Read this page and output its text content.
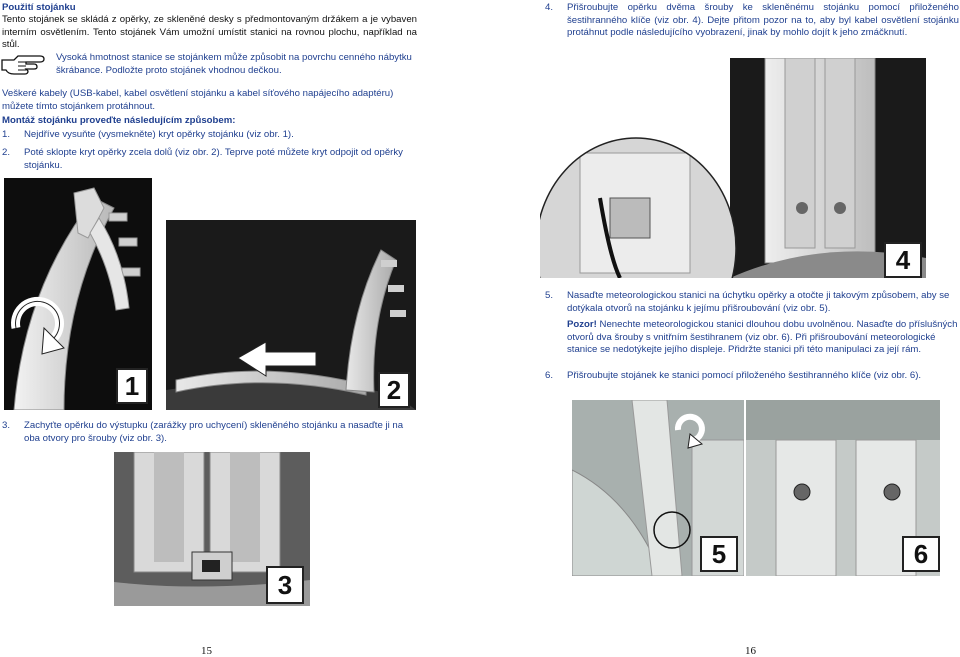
Použití stojánku
Tento stojánek se skládá z opěrky, ze skleněné desky s předmontovaným držákem a je vybaven interním osvětlením. Tento stojánek Vám umožní umístit stanici na rovnou plochu, například na stůl.
Vysoká hmotnost stanice se stojánkem může způsobit na povrchu cenného nábytku škrábance. Podložte proto stojánek vhodnou dečkou.
Veškeré kabely (USB-kabel, kabel osvětlení stojánku a kabel síťového napájecího adaptéru) můžete tímto stojánkem protáhnout.
Montáž stojánku proveďte následujícím způsobem:
1. Nejdříve vysuňte (vysmekněte) kryt opěrky stojánku (viz obr. 1).
2. Poté sklopte kryt opěrky zcela dolů (viz obr. 2). Teprve poté můžete kryt odpojit od opěrky stojánku.
1	2
3. Zachyťte opěrku do výstupku (zarážky pro uchycení) skleněného stojánku a nasaďte ji na oba otvory pro šrouby (viz obr. 3).
3
15
4. Přišroubujte opěrku dvěma šrouby ke skleněnému stojánku pomocí přiloženého šestihranného klíče (viz obr. 4). Dejte přitom pozor na to, aby byl kabel osvětlení stojánku protáhnut podle následujícího vyobrazení, jinak by mohlo dojít k jeho zmáčknutí.
4
5. Nasaďte meteorologickou stanici na úchytku opěrky a otočte ji takovým způsobem, aby se dotýkala otvorů na stojánku k jejímu přišroubování (viz obr. 5).
Pozor! Nenechte meteorologickou stanici dlouhou dobu uvolněnou. Nasaďte do příslušných otvorů dva šrouby s vnitřním šestihranem (viz obr. 6). Při přišroubování meteorologické stanice se nedotýkejte jejího displeje. Přidržte stanici při této manipulaci za její rám.
6. Přišroubujte stojánek ke stanici pomocí přiloženého šestihranného klíče (viz obr. 6).
5	6
16
